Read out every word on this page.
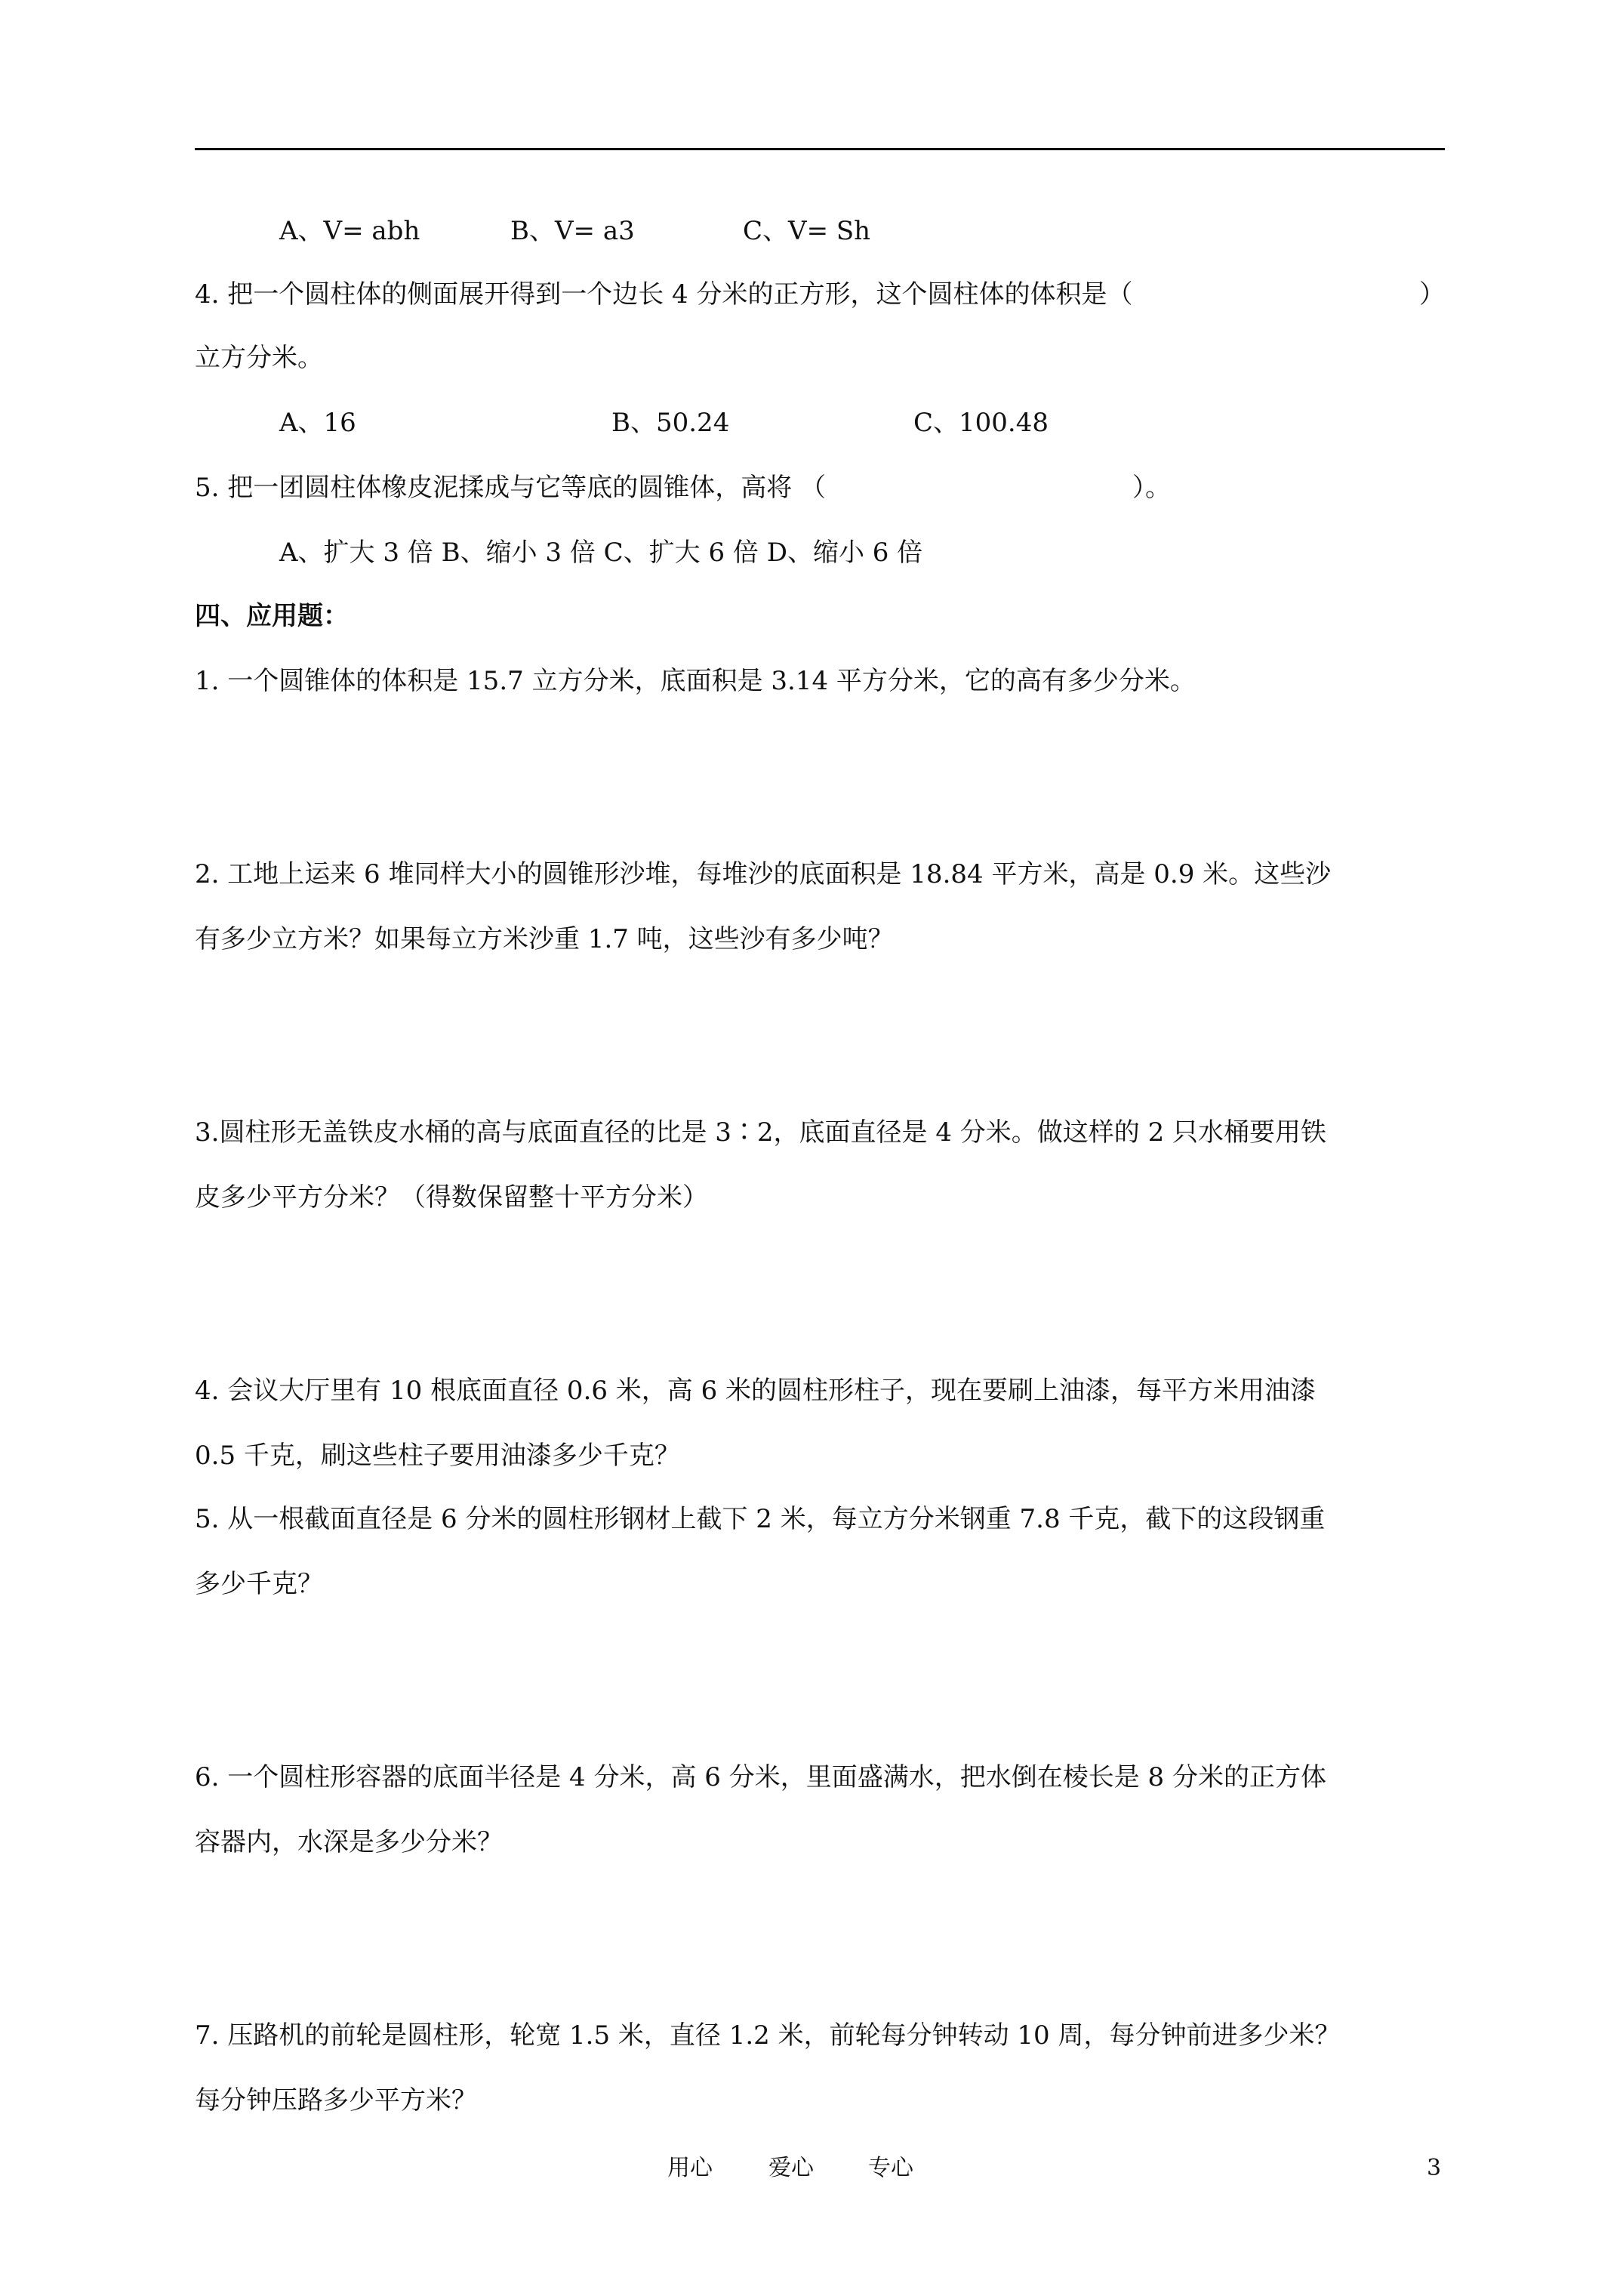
A、V= abh	B、V= a3	C、V= Sh
4. 把一个圆柱体的侧面展开得到一个边长 4 分米的正方形，这个圆柱体的体积是（	）
立方分米。
A、16	B、50.24	C、100.48
5. 把一团圆柱体橡皮泥揉成与它等底的圆锥体，高将 （	）。
A、扩大 3 倍 B、缩小 3 倍 C、扩大 6 倍 D、缩小 6 倍
四、应用题：
1. 一个圆锥体的体积是 15.7 立方分米，底面积是 3.14 平方分米，它的高有多少分米。
2. 工地上运来 6 堆同样大小的圆锥形沙堆，每堆沙的底面积是 18.84 平方米，高是 0.9 米。这些沙
有多少立方米？如果每立方米沙重 1.7 吨，这些沙有多少吨？
3.圆柱形无盖铁皮水桶的高与底面直径的比是 3∶2，底面直径是 4 分米。做这样的 2 只水桶要用铁
皮多少平方分米？（得数保留整十平方分米）
4. 会议大厅里有 10 根底面直径 0.6 米，高 6 米的圆柱形柱子，现在要刷上油漆，每平方米用油漆
0.5 千克，刷这些柱子要用油漆多少千克？
5. 从一根截面直径是 6 分米的圆柱形钢材上截下 2 米，每立方分米钢重 7.8 千克，截下的这段钢重
多少千克？
6. 一个圆柱形容器的底面半径是 4 分米，高 6 分米，里面盛满水，把水倒在棱长是 8 分米的正方体
容器内，水深是多少分米？
7. 压路机的前轮是圆柱形，轮宽 1.5 米，直径 1.2 米，前轮每分钟转动 10 周，每分钟前进多少米？
每分钟压路多少平方米？
用心 爱心 专心	3
